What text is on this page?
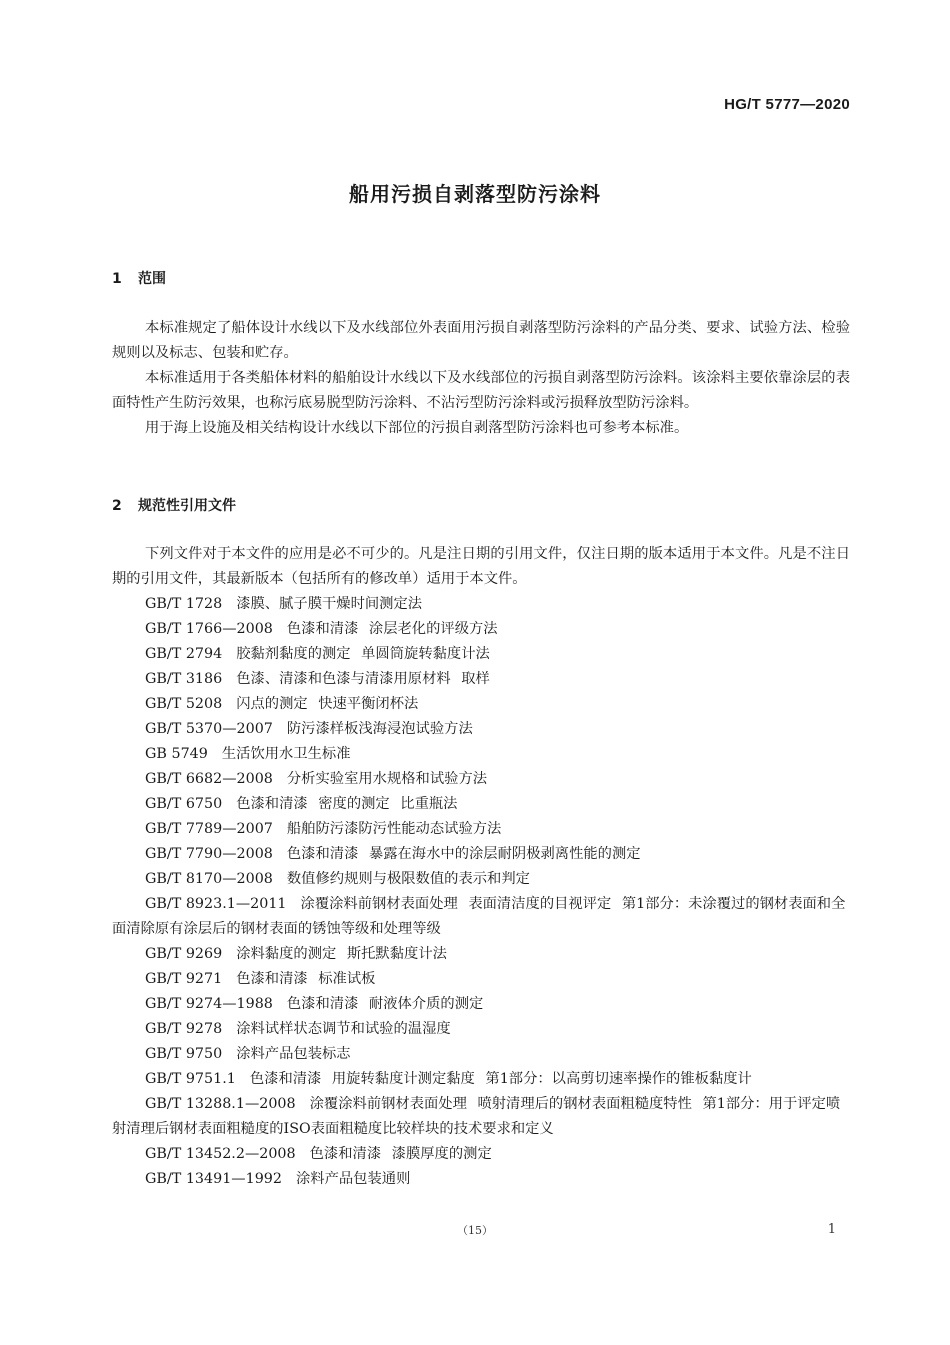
HG/T 5777—2020
船用污损自剥落型防污涂料
1 范围

本标准规定了船体设计水线以下及水线部位外表面用污损自剥落型防污涂料的产品分类、要求、试验方法、检验规则以及标志、包装和贮存。

本标准适用于各类船体材料的船舶设计水线以下及水线部位的污损自剥落型防污涂料。该涂料主要依靠涂层的表面特性产生防污效果，也称污底易脱型防污涂料、不沾污型防污涂料或污损释放型防污涂料。

用于海上设施及相关结构设计水线以下部位的污损自剥落型防污涂料也可参考本标准。

2 规范性引用文件

下列文件对于本文件的应用是必不可少的。凡是注日期的引用文件，仅注日期的版本适用于本文件。凡是不注日期的引用文件，其最新版本（包括所有的修改单）适用于本文件。

GB/T 1728 漆膜、腻子膜干燥时间测定法

GB/T 1766—2008 色漆和清漆 涂层老化的评级方法

GB/T 2794 胶黏剂黏度的测定 单圆筒旋转黏度计法

GB/T 3186 色漆、清漆和色漆与清漆用原材料 取样

GB/T 5208 闪点的测定 快速平衡闭杯法

GB/T 5370—2007 防污漆样板浅海浸泡试验方法

GB 5749 生活饮用水卫生标准

GB/T 6682—2008 分析实验室用水规格和试验方法

GB/T 6750 色漆和清漆 密度的测定 比重瓶法

GB/T 7789—2007 船舶防污漆防污性能动态试验方法

GB/T 7790—2008 色漆和清漆 暴露在海水中的涂层耐阴极剥离性能的测定

GB/T 8170—2008 数值修约规则与极限数值的表示和判定

GB/T 8923.1—2011 涂覆涂料前钢材表面处理 表面清洁度的目视评定 第1部分：未涂覆过的钢材表面和全面清除原有涂层后的钢材表面的锈蚀等级和处理等级

GB/T 9269 涂料黏度的测定 斯托默黏度计法

GB/T 9271 色漆和清漆 标准试板

GB/T 9274—1988 色漆和清漆 耐液体介质的测定

GB/T 9278 涂料试样状态调节和试验的温湿度

GB/T 9750 涂料产品包装标志

GB/T 9751.1 色漆和清漆 用旋转黏度计测定黏度 第1部分：以高剪切速率操作的锥板黏度计

GB/T 13288.1—2008 涂覆涂料前钢材表面处理 喷射清理后的钢材表面粗糙度特性 第1部分：用于评定喷射清理后钢材表面粗糙度的ISO表面粗糙度比较样块的技术要求和定义

GB/T 13452.2—2008 色漆和清漆 漆膜厚度的测定

GB/T 13491—1992 涂料产品包装通则

（15）	1
